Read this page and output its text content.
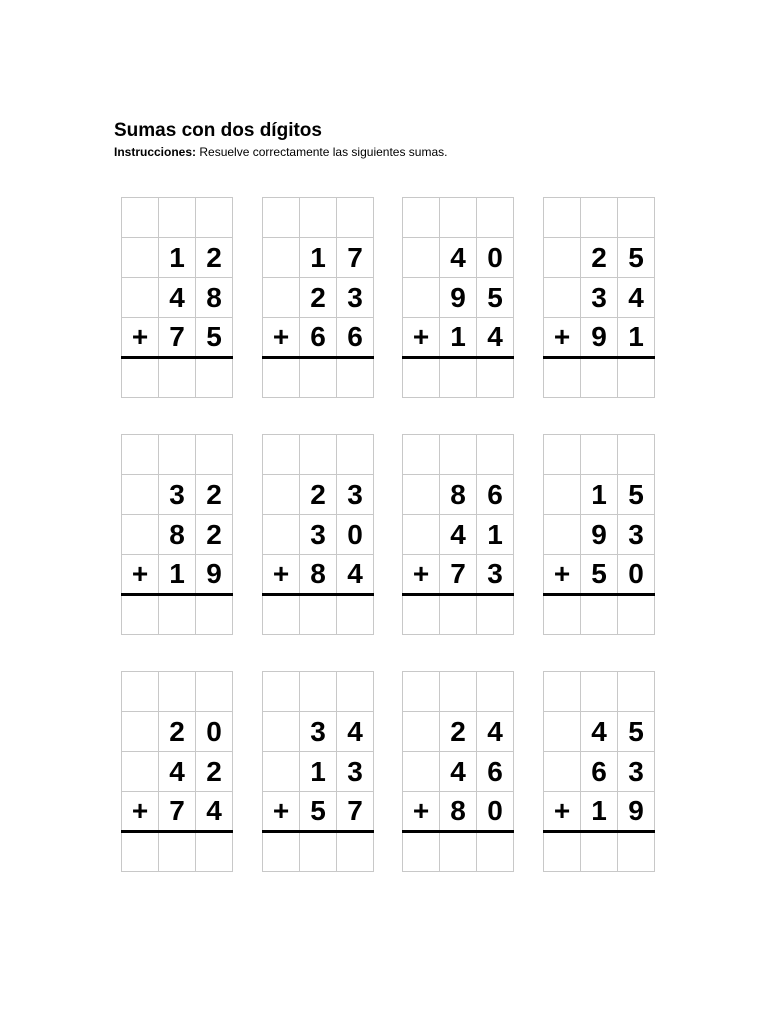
Sumas con dos dígitos

Instrucciones: Resuelve correctamente las siguientes sumas.

	1	2
	4	8
+	7	5

	1	7
	2	3
+	6	6

	4	0
	9	5
+	1	4

	2	5
	3	4
+	9	1

	3	2
	8	2
+	1	9

	2	3
	3	0
+	8	4

	8	6
	4	1
+	7	3

	1	5
	9	3
+	5	0

	2	0
	4	2
+	7	4

	3	4
	1	3
+	5	7

	2	4
	4	6
+	8	0

	4	5
	6	3
+	1	9
